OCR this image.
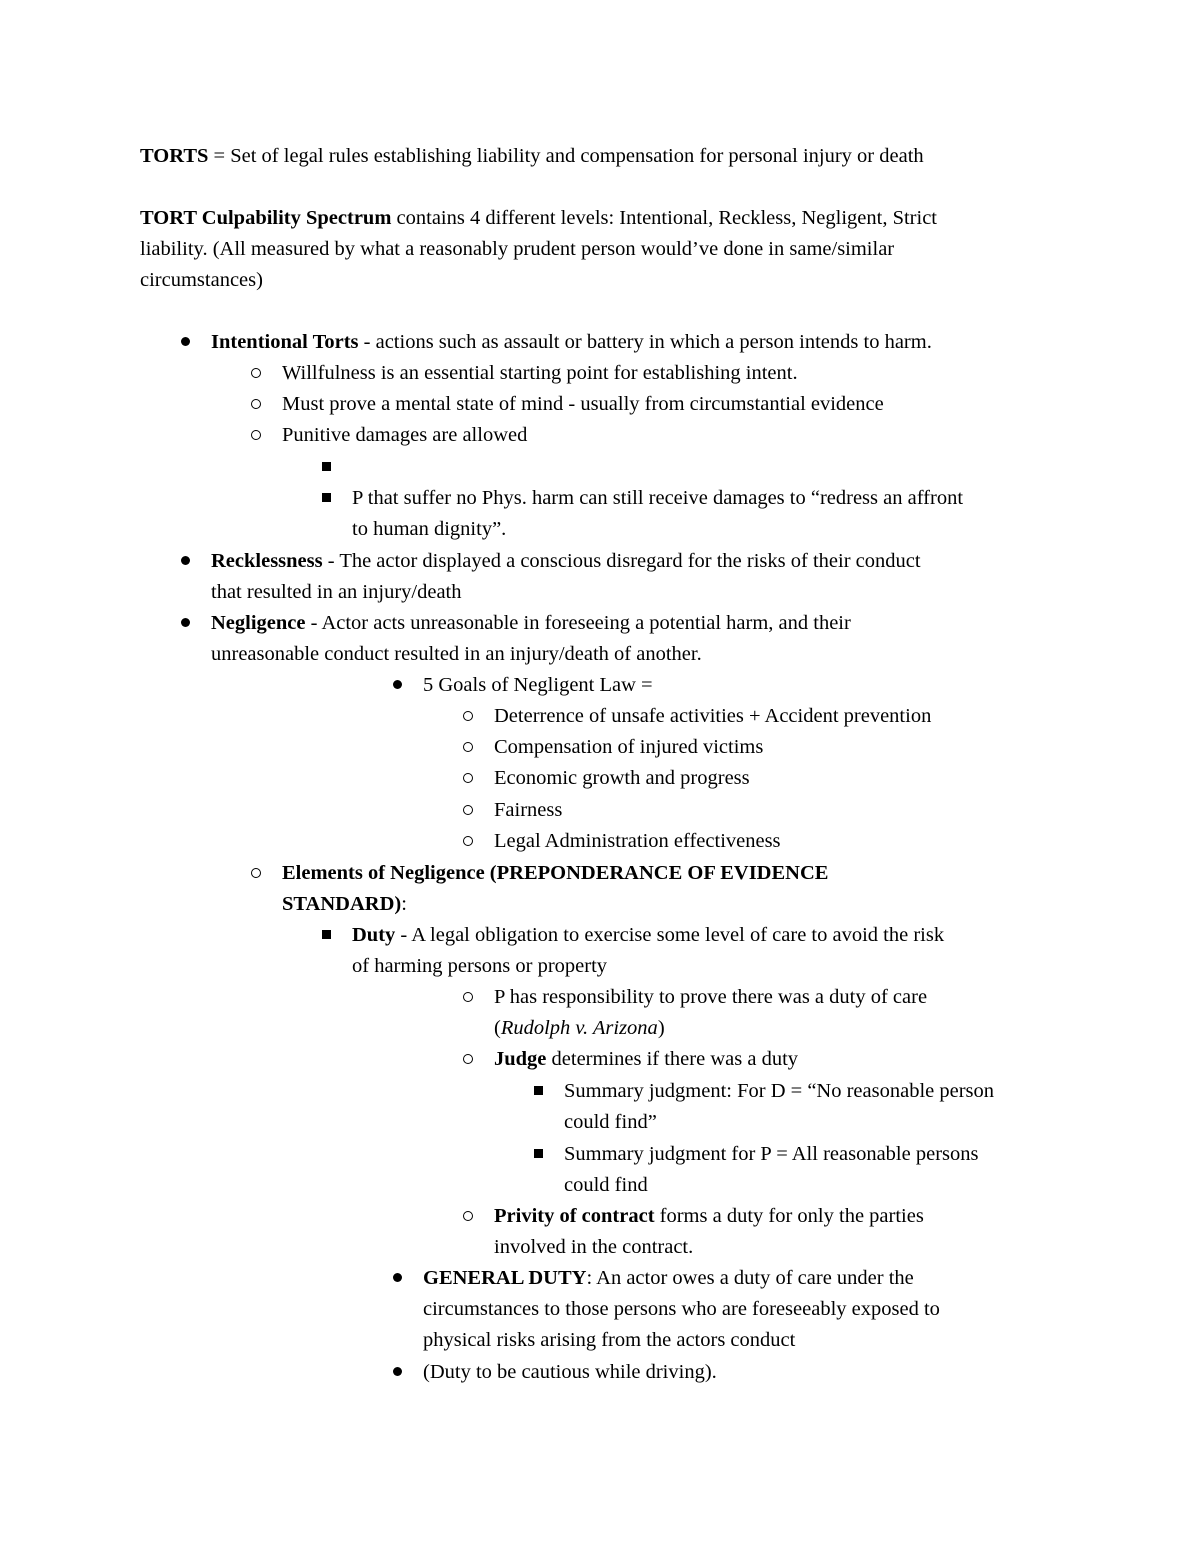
TORTS = Set of legal rules establishing liability and compensation for personal injury or death
TORT Culpability Spectrum contains 4 different levels: Intentional, Reckless, Negligent, Strict
liability. (All measured by what a reasonably prudent person would’ve done in same/similar
circumstances)
Intentional Torts - actions such as assault or battery in which a person intends to harm.
Willfulness is an essential starting point for establishing intent.
Must prove a mental state of mind - usually from circumstantial evidence
Punitive damages are allowed
P that suffer no Phys. harm can still receive damages to “redress an affront
to human dignity”.
Recklessness - The actor displayed a conscious disregard for the risks of their conduct
that resulted in an injury/death
Negligence - Actor acts unreasonable in foreseeing a potential harm, and their
unreasonable conduct resulted in an injury/death of another.
5 Goals of Negligent Law =
Deterrence of unsafe activities + Accident prevention
Compensation of injured victims
Economic growth and progress
Fairness
Legal Administration effectiveness
Elements of Negligence (PREPONDERANCE OF EVIDENCE
STANDARD):
Duty - A legal obligation to exercise some level of care to avoid the risk
of harming persons or property
P has responsibility to prove there was a duty of care
(Rudolph v. Arizona)
Judge determines if there was a duty
Summary judgment: For D = “No reasonable person
could find”
Summary judgment for P = All reasonable persons
could find
Privity of contract forms a duty for only the parties
involved in the contract.
GENERAL DUTY: An actor owes a duty of care under the
circumstances to those persons who are foreseeably exposed to
physical risks arising from the actors conduct
(Duty to be cautious while driving).
